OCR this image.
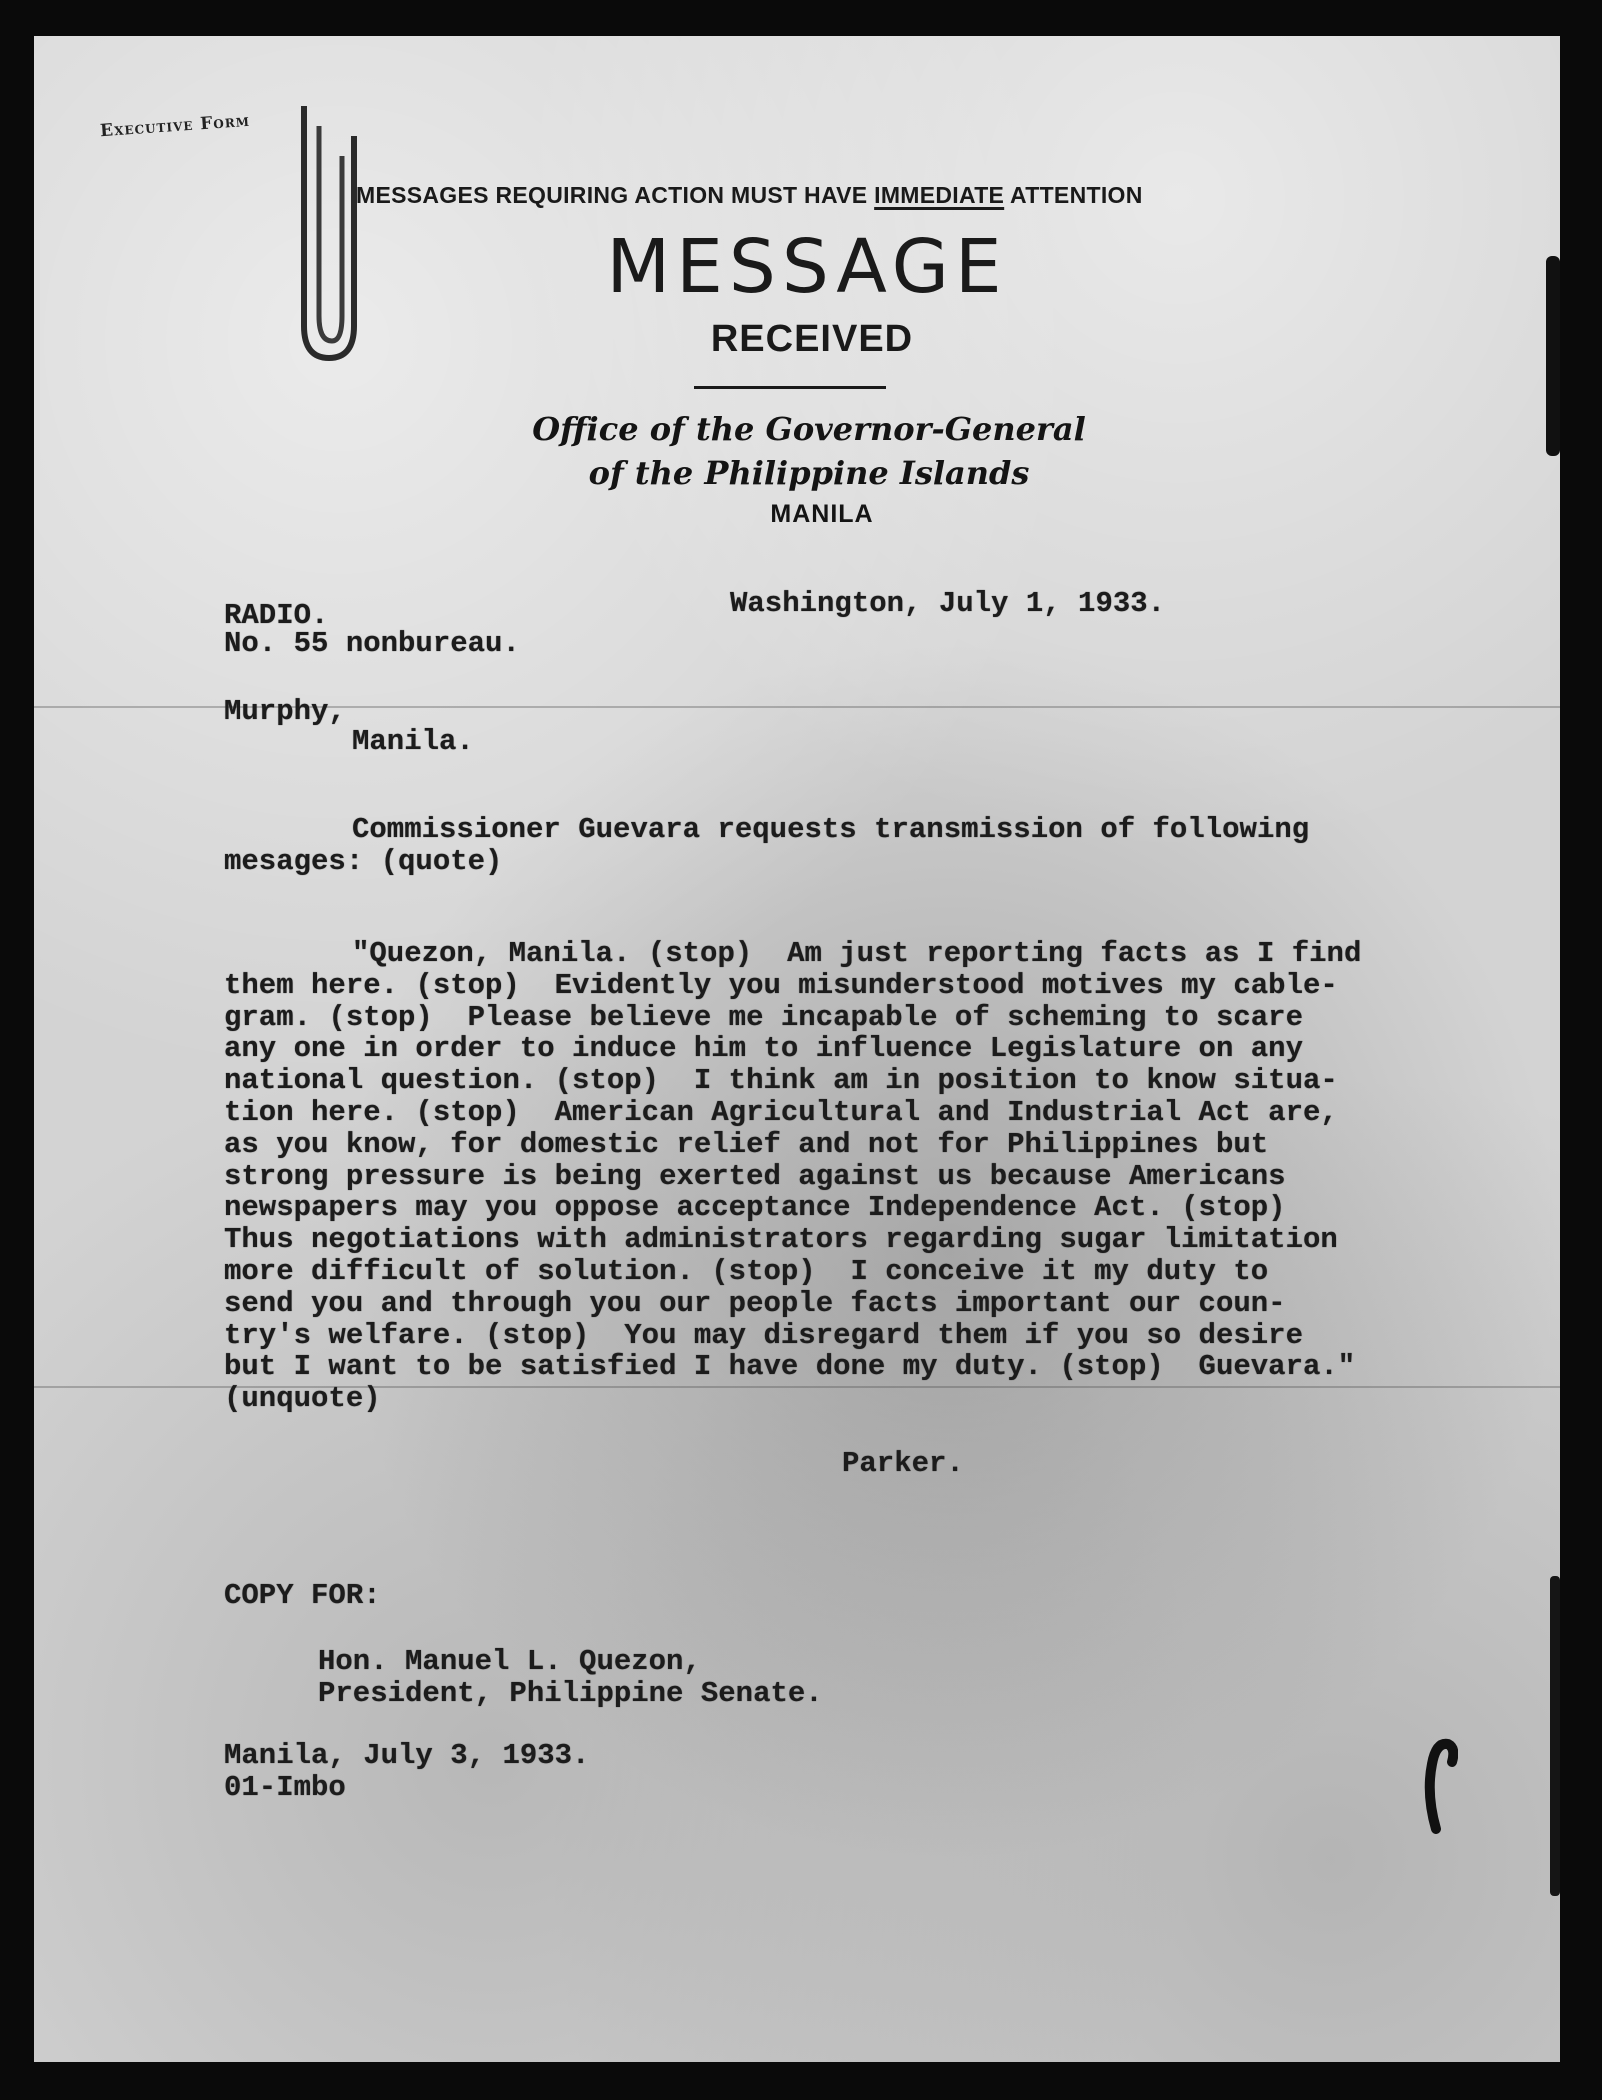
Executive Form
MESSAGES REQUIRING ACTION MUST HAVE IMMEDIATE ATTENTION
MESSAGE
RECEIVED
Office of the Governor-General
of the Philippine Islands
MANILA
RADIO.
No. 55 nonbureau.
Washington, July 1, 1933.
Murphy,
Manila.
Commissioner Guevara requests transmission of following
mesages: (quote)
"Quezon, Manila. (stop)  Am just reporting facts as I find
them here. (stop)  Evidently you misunderstood motives my cable-
gram. (stop)  Please believe me incapable of scheming to scare
any one in order to induce him to influence Legislature on any
national question. (stop)  I think am in position to know situa-
tion here. (stop)  American Agricultural and Industrial Act are,
as you know, for domestic relief and not for Philippines but
strong pressure is being exerted against us because Americans
newspapers may you oppose acceptance Independence Act. (stop)
Thus negotiations with administrators regarding sugar limitation
more difficult of solution. (stop)  I conceive it my duty to
send you and through you our people facts important our coun-
try's welfare. (stop)  You may disregard them if you so desire
but I want to be satisfied I have done my duty. (stop)  Guevara."
(unquote)
Parker.
COPY FOR:
Hon. Manuel L. Quezon,
President, Philippine Senate.
Manila, July 3, 1933.
01-Imbo
